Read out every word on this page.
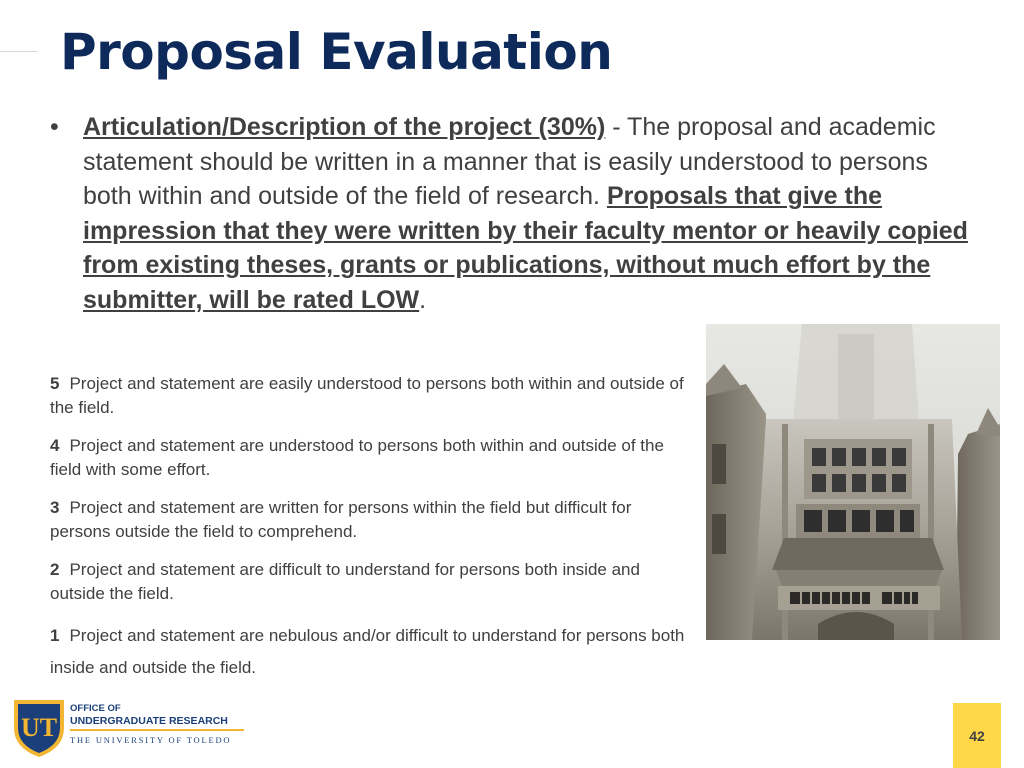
Proposal Evaluation
• Articulation/Description of the project (30%) - The proposal and academic statement should be written in a manner that is easily understood to persons both within and outside of the field of research. Proposals that give the impression that they were written by their faculty mentor or heavily copied from existing theses, grants or publications, without much effort by the submitter, will be rated LOW.
5 Project and statement are easily understood to persons both within and outside of the field.
4 Project and statement are understood to persons both within and outside of the field with some effort.
3 Project and statement are written for persons within the field but difficult for persons outside the field to comprehend.
2 Project and statement are difficult to understand for persons both inside and outside the field.
1 Project and statement are nebulous and/or difficult to understand for persons both inside and outside the field.
UT
OFFICE OF
UNDERGRADUATE RESEARCH
THE UNIVERSITY OF TOLEDO	42
